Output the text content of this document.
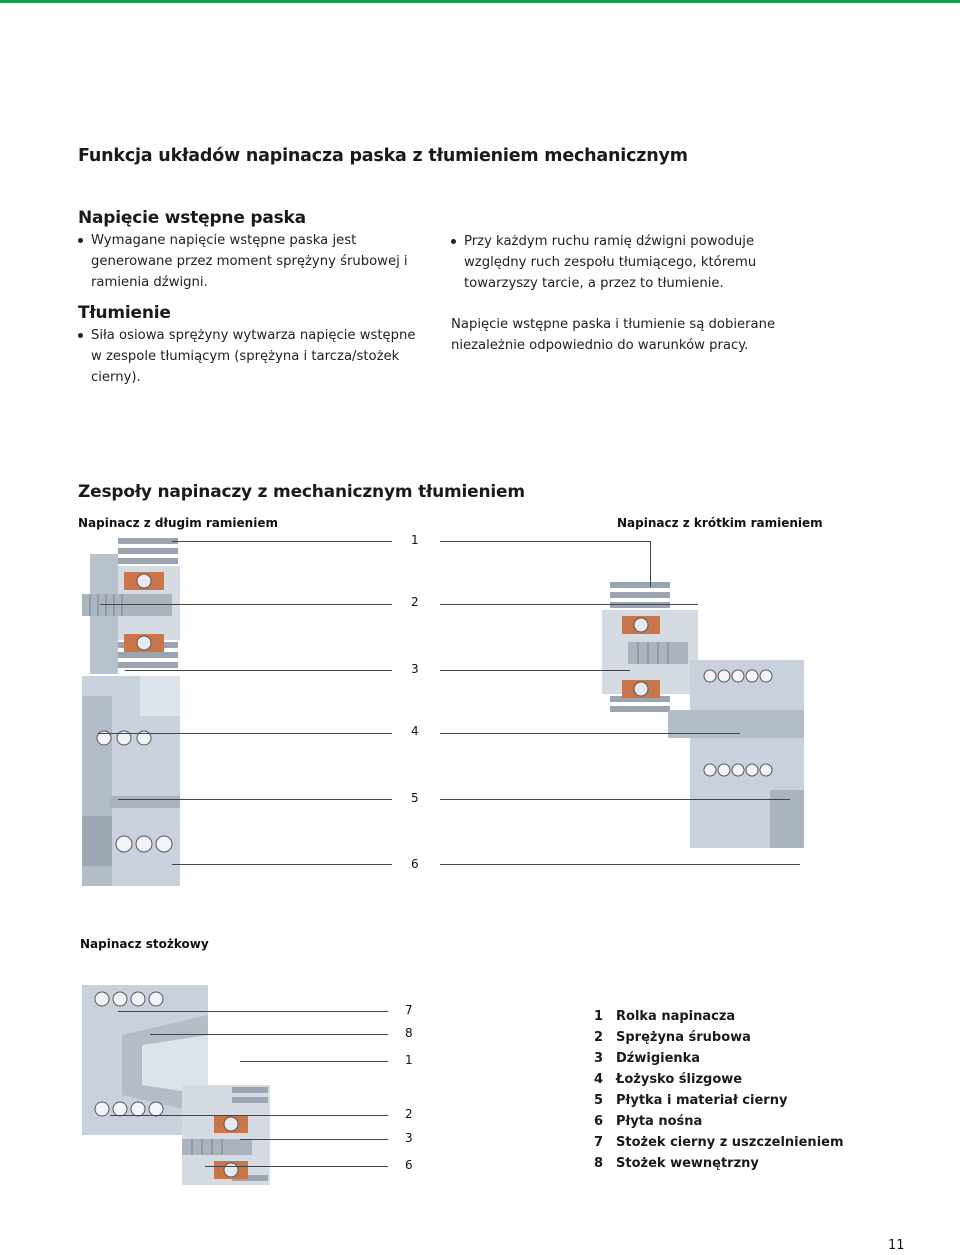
Funkcja układów napinacza paska z tłumieniem mechanicznym
Napięcie wstępne paska
Wymagane napięcie wstępne paska jest generowane przez moment sprężyny śrubowej i ramienia dźwigni.
Tłumienie
Siła osiowa sprężyny wytwarza napięcie wstępne w zespole tłumiącym (sprężyna i tarcza/stożek cierny).
Przy każdym ruchu ramię dźwigni powoduje względny ruch zespołu tłumiącego, któremu towarzyszy tarcie, a przez to tłumienie.
Napięcie wstępne paska i tłumienie są dobierane niezależnie odpowiednio do warunków pracy.
Zespoły napinaczy z mechanicznym tłumieniem
Napinacz z długim ramieniem	Napinacz z krótkim ramieniem
1
2
3
4
5
6
Napinacz stożkowy
7
8
1
2
3
6
1 Rolka napinacza
2 Sprężyna śrubowa
3 Dźwigienka
4 Łożysko ślizgowe
5 Płytka i materiał cierny
6 Płyta nośna
7 Stożek cierny z uszczelnieniem
8 Stożek wewnętrzny
11
